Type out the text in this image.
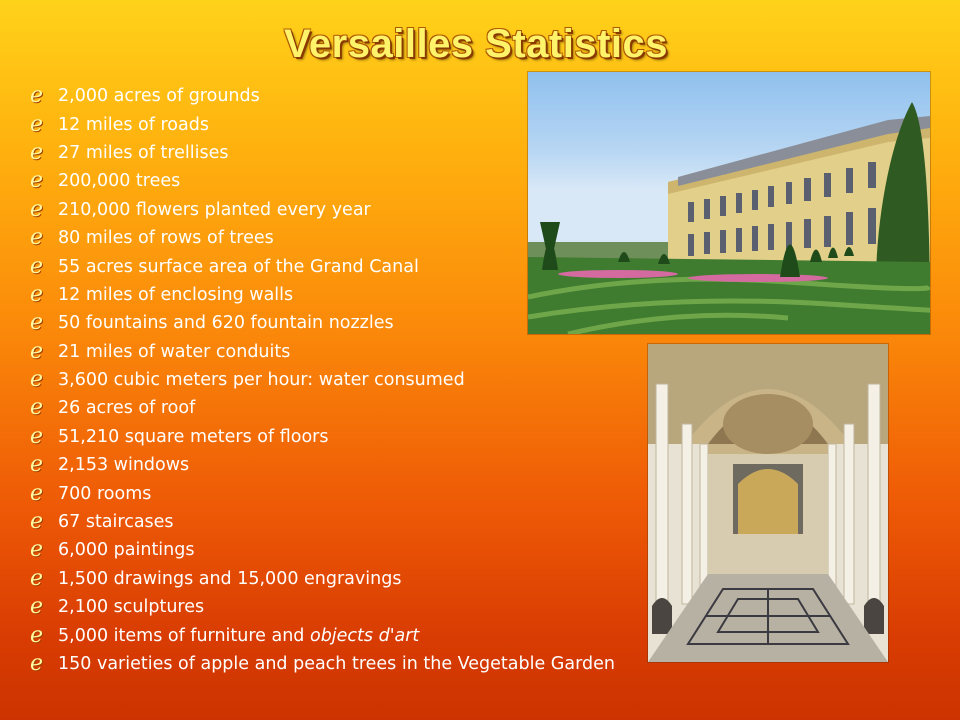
Versailles Statistics
e 2,000 acres of grounds
e 12 miles of roads
e 27 miles of trellises
e 200,000 trees
e 210,000 flowers planted every year
e 80 miles of rows of trees
e 55 acres surface area of the Grand Canal
e 12 miles of enclosing walls
e 50 fountains and 620 fountain nozzles
e 21 miles of water conduits
e 3,600 cubic meters per hour: water consumed
e 26 acres of roof
e 51,210 square meters of floors
e 2,153 windows
e 700 rooms
e 67 staircases
e 6,000 paintings
e 1,500 drawings and 15,000 engravings
e 2,100 sculptures
e 5,000 items of furniture and objects d'art
e 150 varieties of apple and peach trees in the Vegetable Garden
